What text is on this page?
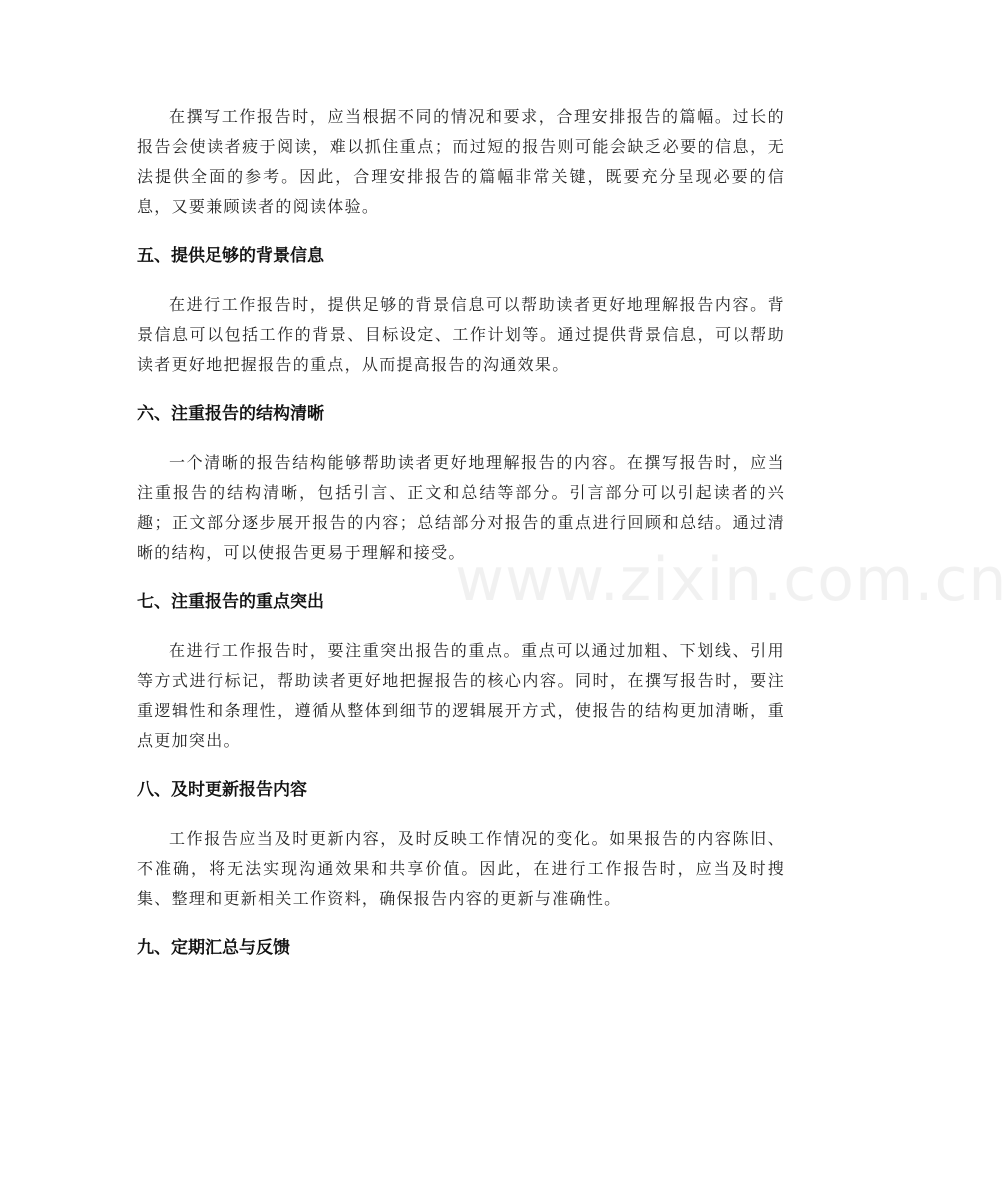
www.zixin.com.cn

在撰写工作报告时，应当根据不同的情况和要求，合理安排报告的篇幅。过长的报告会使读者疲于阅读，难以抓住重点；而过短的报告则可能会缺乏必要的信息，无法提供全面的参考。因此，合理安排报告的篇幅非常关键，既要充分呈现必要的信息，又要兼顾读者的阅读体验。

五、提供足够的背景信息

在进行工作报告时，提供足够的背景信息可以帮助读者更好地理解报告内容。背景信息可以包括工作的背景、目标设定、工作计划等。通过提供背景信息，可以帮助读者更好地把握报告的重点，从而提高报告的沟通效果。

六、注重报告的结构清晰

一个清晰的报告结构能够帮助读者更好地理解报告的内容。在撰写报告时，应当注重报告的结构清晰，包括引言、正文和总结等部分。引言部分可以引起读者的兴趣；正文部分逐步展开报告的内容；总结部分对报告的重点进行回顾和总结。通过清晰的结构，可以使报告更易于理解和接受。

七、注重报告的重点突出

在进行工作报告时，要注重突出报告的重点。重点可以通过加粗、下划线、引用等方式进行标记，帮助读者更好地把握报告的核心内容。同时，在撰写报告时，要注重逻辑性和条理性，遵循从整体到细节的逻辑展开方式，使报告的结构更加清晰，重点更加突出。

八、及时更新报告内容

工作报告应当及时更新内容，及时反映工作情况的变化。如果报告的内容陈旧、不准确，将无法实现沟通效果和共享价值。因此，在进行工作报告时，应当及时搜集、整理和更新相关工作资料，确保报告内容的更新与准确性。

九、定期汇总与反馈
